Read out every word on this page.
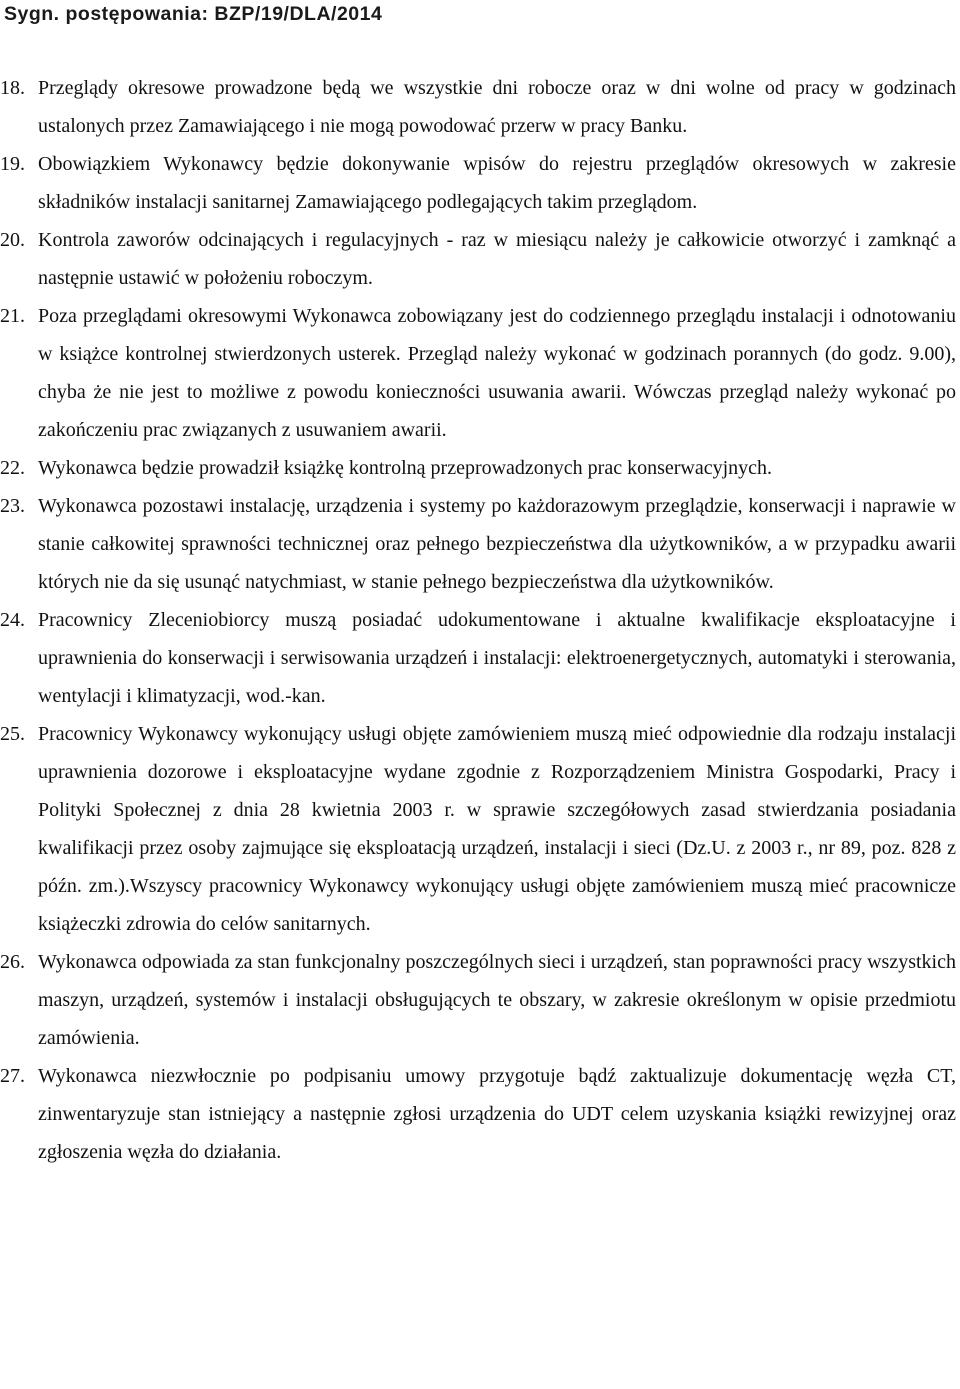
Sygn. postępowania: BZP/19/DLA/2014
18. Przeglądy okresowe prowadzone będą we wszystkie dni robocze oraz w dni wolne od pracy w godzinach ustalonych przez Zamawiającego i nie mogą powodować przerw w pracy Banku.
19. Obowiązkiem Wykonawcy będzie dokonywanie wpisów do rejestru przeglądów okresowych w zakresie składników instalacji sanitarnej Zamawiającego podlegających takim przeglądom.
20. Kontrola zaworów odcinających i regulacyjnych - raz w miesiącu należy je całkowicie otworzyć i zamknąć a następnie ustawić w położeniu roboczym.
21. Poza przeglądami okresowymi Wykonawca zobowiązany jest do codziennego przeglądu instalacji i odnotowaniu w książce kontrolnej stwierdzonych usterek. Przegląd należy wykonać w godzinach porannych (do godz. 9.00), chyba że nie jest to możliwe z powodu konieczności usuwania awarii. Wówczas przegląd należy wykonać po zakończeniu prac związanych z usuwaniem awarii.
22. Wykonawca będzie prowadził książkę kontrolną przeprowadzonych prac konserwacyjnych.
23. Wykonawca pozostawi instalację, urządzenia i systemy po każdorazowym przeglądzie, konserwacji i naprawie w stanie całkowitej sprawności technicznej oraz pełnego bezpieczeństwa dla użytkowników, a w przypadku awarii których nie da się usunąć natychmiast, w stanie pełnego bezpieczeństwa dla użytkowników.
24. Pracownicy Zleceniobiorcy muszą posiadać udokumentowane i aktualne kwalifikacje eksploatacyjne i uprawnienia do konserwacji i serwisowania urządzeń i instalacji: elektroenergetycznych, automatyki i sterowania, wentylacji i klimatyzacji, wod.-kan.
25. Pracownicy Wykonawcy wykonujący usługi objęte zamówieniem muszą mieć odpowiednie dla rodzaju instalacji uprawnienia dozorowe i eksploatacyjne wydane zgodnie z Rozporządzeniem Ministra Gospodarki, Pracy i Polityki Społecznej z dnia 28 kwietnia 2003 r. w sprawie szczegółowych zasad stwierdzania posiadania kwalifikacji przez osoby zajmujące się eksploatacją urządzeń, instalacji i sieci (Dz.U. z 2003 r., nr 89, poz. 828 z późn. zm.).Wszyscy pracownicy Wykonawcy wykonujący usługi objęte zamówieniem muszą mieć pracownicze książeczki zdrowia do celów sanitarnych.
26. Wykonawca odpowiada za stan funkcjonalny poszczególnych sieci i urządzeń, stan poprawności pracy wszystkich maszyn, urządzeń, systemów i instalacji obsługujących te obszary, w zakresie określonym w opisie przedmiotu zamówienia.
27. Wykonawca niezwłocznie po podpisaniu umowy przygotuje bądź zaktualizuje dokumentację węzła CT, zinwentaryzuje stan istniejący a następnie zgłosi urządzenia do UDT celem uzyskania książki rewizyjnej oraz zgłoszenia węzła do działania.
